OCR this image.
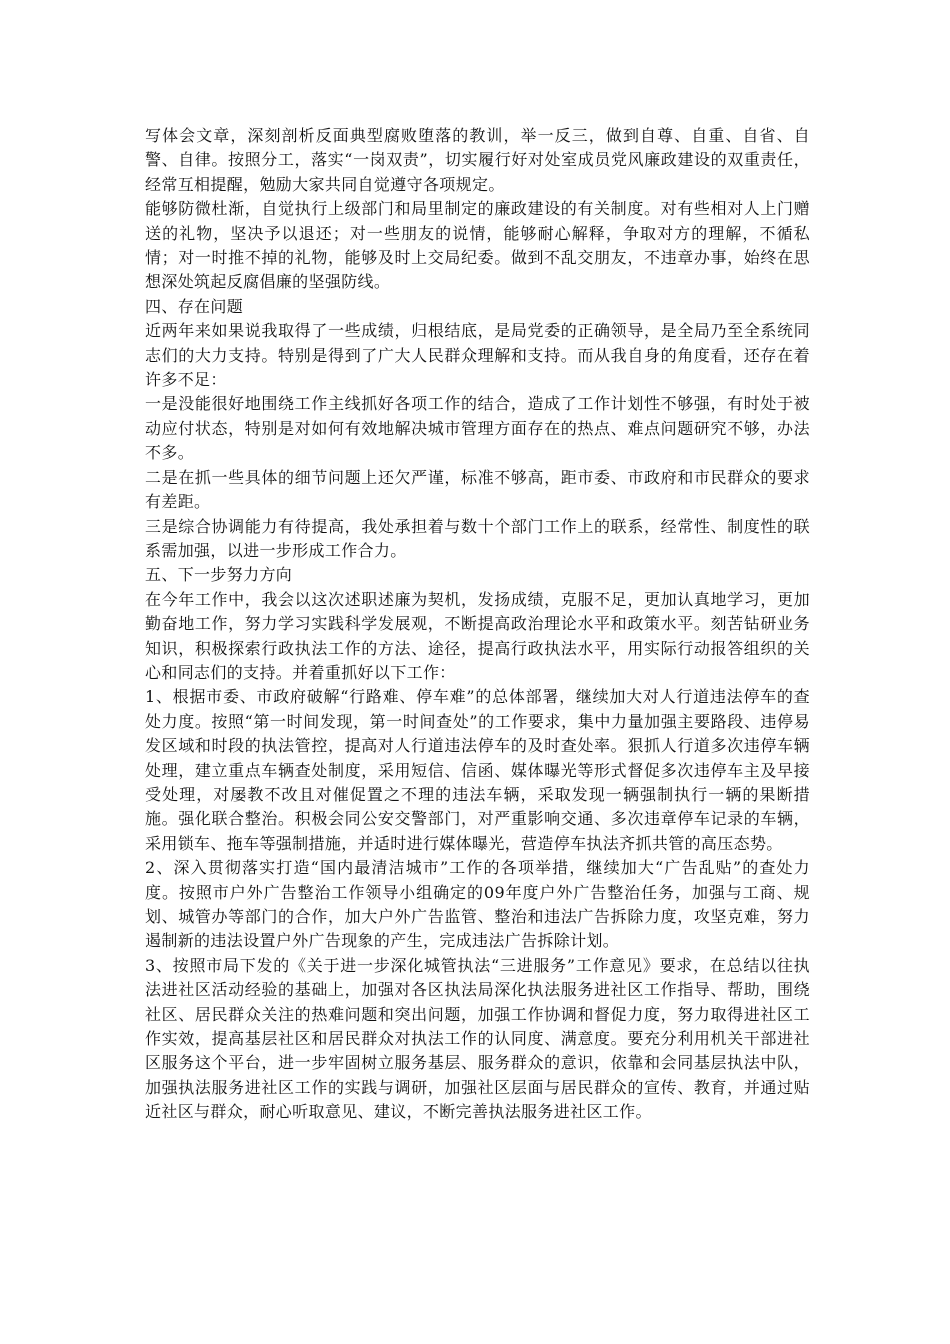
写体会文章，深刻剖析反面典型腐败堕落的教训，举一反三，做到自尊、自重、自省、自警、自律。按照分工，落实“一岗双责”，切实履行好对处室成员党风廉政建设的双重责任，经常互相提醒，勉励大家共同自觉遵守各项规定。

能够防微杜渐，自觉执行上级部门和局里制定的廉政建设的有关制度。对有些相对人上门赠送的礼物，坚决予以退还；对一些朋友的说情，能够耐心解释，争取对方的理解，不循私情；对一时推不掉的礼物，能够及时上交局纪委。做到不乱交朋友，不违章办事，始终在思想深处筑起反腐倡廉的坚强防线。

四、存在问题

近两年来如果说我取得了一些成绩，归根结底，是局党委的正确领导，是全局乃至全系统同志们的大力支持。特别是得到了广大人民群众理解和支持。而从我自身的角度看，还存在着许多不足：

一是没能很好地围绕工作主线抓好各项工作的结合，造成了工作计划性不够强，有时处于被动应付状态，特别是对如何有效地解决城市管理方面存在的热点、难点问题研究不够，办法不多。

二是在抓一些具体的细节问题上还欠严谨，标准不够高，距市委、市政府和市民群众的要求有差距。

三是综合协调能力有待提高，我处承担着与数十个部门工作上的联系，经常性、制度性的联系需加强，以进一步形成工作合力。

五、下一步努力方向

在今年工作中，我会以这次述职述廉为契机，发扬成绩，克服不足，更加认真地学习，更加勤奋地工作，努力学习实践科学发展观，不断提高政治理论水平和政策水平。刻苦钻研业务知识，积极探索行政执法工作的方法、途径，提高行政执法水平，用实际行动报答组织的关心和同志们的支持。并着重抓好以下工作：

1、根据市委、市政府破解“行路难、停车难”的总体部署，继续加大对人行道违法停车的查处力度。按照“第一时间发现，第一时间查处”的工作要求，集中力量加强主要路段、违停易发区域和时段的执法管控，提高对人行道违法停车的及时查处率。狠抓人行道多次违停车辆处理，建立重点车辆查处制度，采用短信、信函、媒体曝光等形式督促多次违停车主及早接受处理，对屡教不改且对催促置之不理的违法车辆，采取发现一辆强制执行一辆的果断措施。强化联合整治。积极会同公安交警部门，对严重影响交通、多次违章停车记录的车辆，采用锁车、拖车等强制措施，并适时进行媒体曝光，营造停车执法齐抓共管的高压态势。

2、深入贯彻落实打造“国内最清洁城市”工作的各项举措，继续加大“广告乱贴”的查处力度。按照市户外广告整治工作领导小组确定的09年度户外广告整治任务，加强与工商、规划、城管办等部门的合作，加大户外广告监管、整治和违法广告拆除力度，攻坚克难，努力遏制新的违法设置户外广告现象的产生，完成违法广告拆除计划。

3、按照市局下发的《关于进一步深化城管执法“三进服务”工作意见》要求，在总结以往执法进社区活动经验的基础上，加强对各区执法局深化执法服务进社区工作指导、帮助，围绕社区、居民群众关注的热难问题和突出问题，加强工作协调和督促力度，努力取得进社区工作实效，提高基层社区和居民群众对执法工作的认同度、满意度。要充分利用机关干部进社区服务这个平台，进一步牢固树立服务基层、服务群众的意识，依靠和会同基层执法中队，加强执法服务进社区工作的实践与调研，加强社区层面与居民群众的宣传、教育，并通过贴近社区与群众，耐心听取意见、建议，不断完善执法服务进社区工作。
